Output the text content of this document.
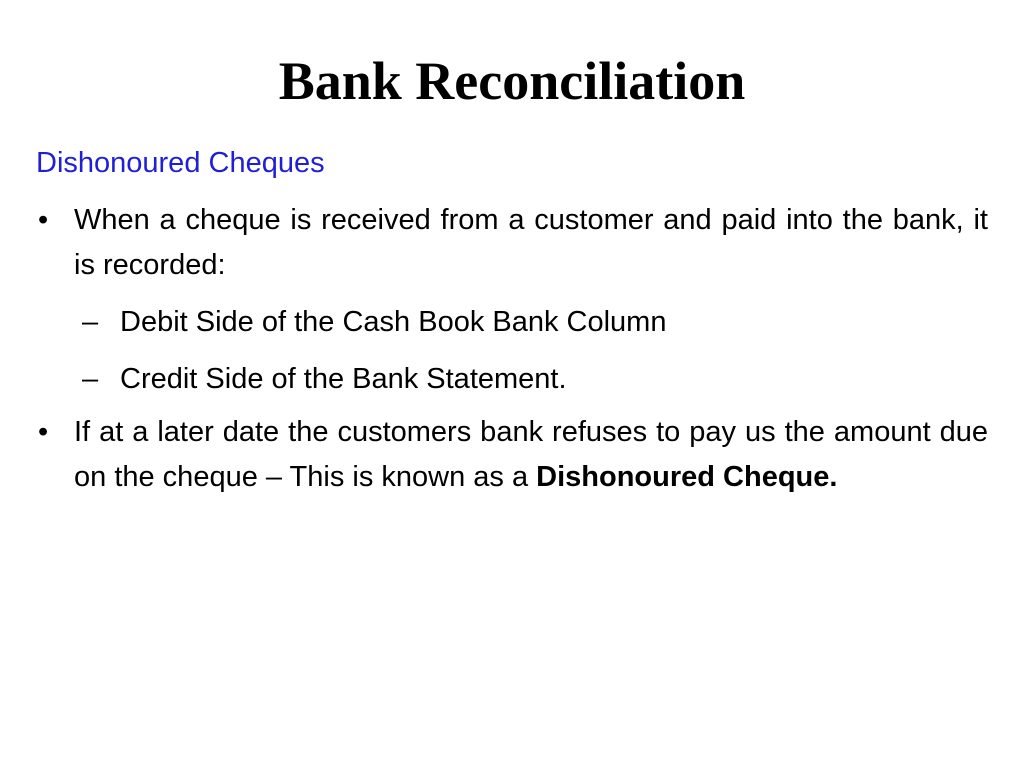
Bank Reconciliation
Dishonoured Cheques

• When a cheque is received from a customer and paid into the bank, it is recorded:

– Debit Side of the Cash Book Bank Column

– Credit Side of the Bank Statement.

• If at a later date the customers bank refuses to pay us the amount due on the cheque – This is known as a Dishonoured Cheque.
